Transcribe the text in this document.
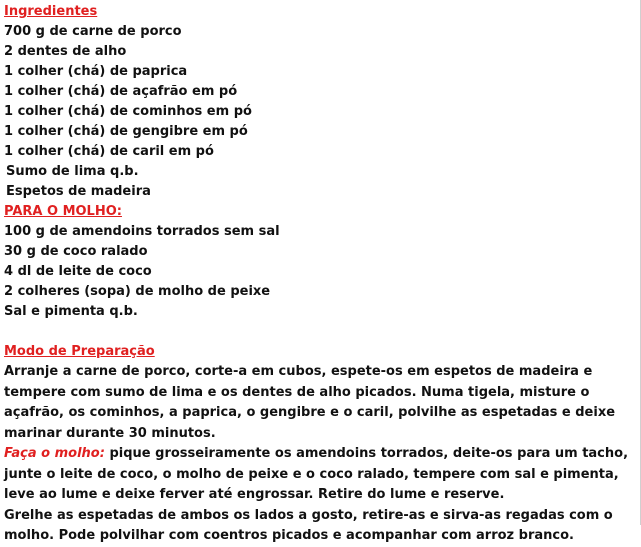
Ingredientes
700 g de carne de porco
2 dentes de alho
1 colher (chá) de paprica
1 colher (chá) de açafrão em pó
1 colher (chá) de cominhos em pó
1 colher (chá) de gengibre em pó
1 colher (chá) de caril em pó
Sumo de lima q.b.
Espetos de madeira
PARA O MOLHO:
100 g de amendoins torrados sem sal
30 g de coco ralado
4 dl de leite de coco
2 colheres (sopa) de molho de peixe
Sal e pimenta q.b.
Modo de Preparação

Arranje a carne de porco, corte-a em cubos, espete-os em espetos de madeira e tempere com sumo de lima e os dentes de alho picados. Numa tigela, misture o açafrão, os cominhos, a paprica, o gengibre e o caril, polvilhe as espetadas e deixe marinar durante 30 minutos.

Faça o molho: pique grosseiramente os amendoins torrados, deite-os para um tacho, junte o leite de coco, o molho de peixe e o coco ralado, tempere com sal e pimenta, leve ao lume e deixe ferver até engrossar. Retire do lume e reserve.

Grelhe as espetadas de ambos os lados a gosto, retire-as e sirva-as regadas com o molho. Pode polvilhar com coentros picados e acompanhar com arroz branco.
